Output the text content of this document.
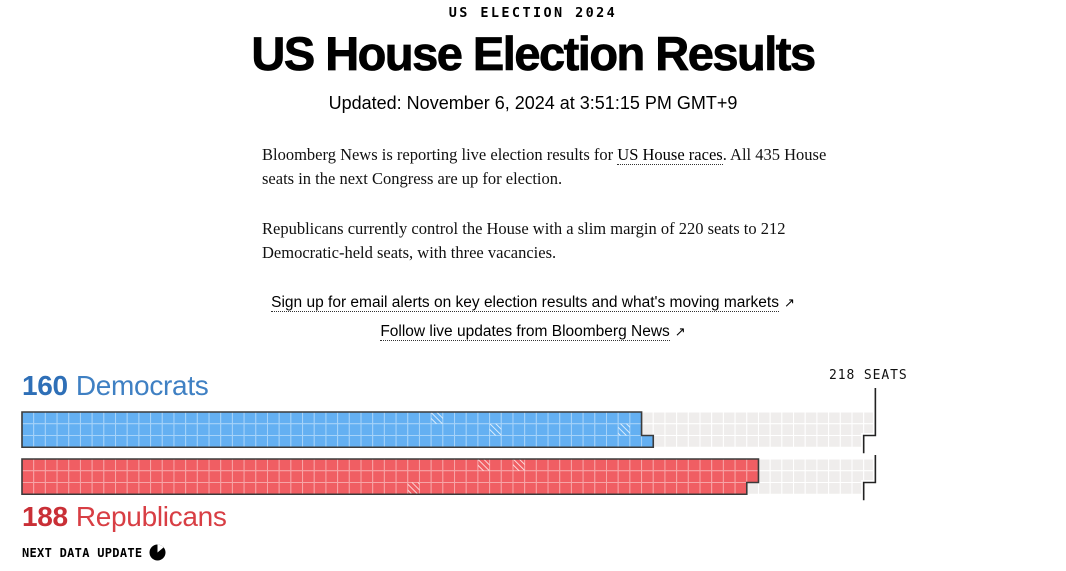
US ELECTION 2024
US House Election Results
Updated: November 6, 2024 at 3:51:15 PM GMT+9

Bloomberg News is reporting live election results for US House races. All 435 House seats in the next Congress are up for election.

Republicans currently control the House with a slim margin of 220 seats to 212 Democratic-held seats, with three vacancies.

Sign up for email alerts on key election results and what's moving markets ↗
Follow live updates from Bloomberg News ↗
160 Democrats	218 SEATS
188 Republicans
NEXT DATA UPDATE
